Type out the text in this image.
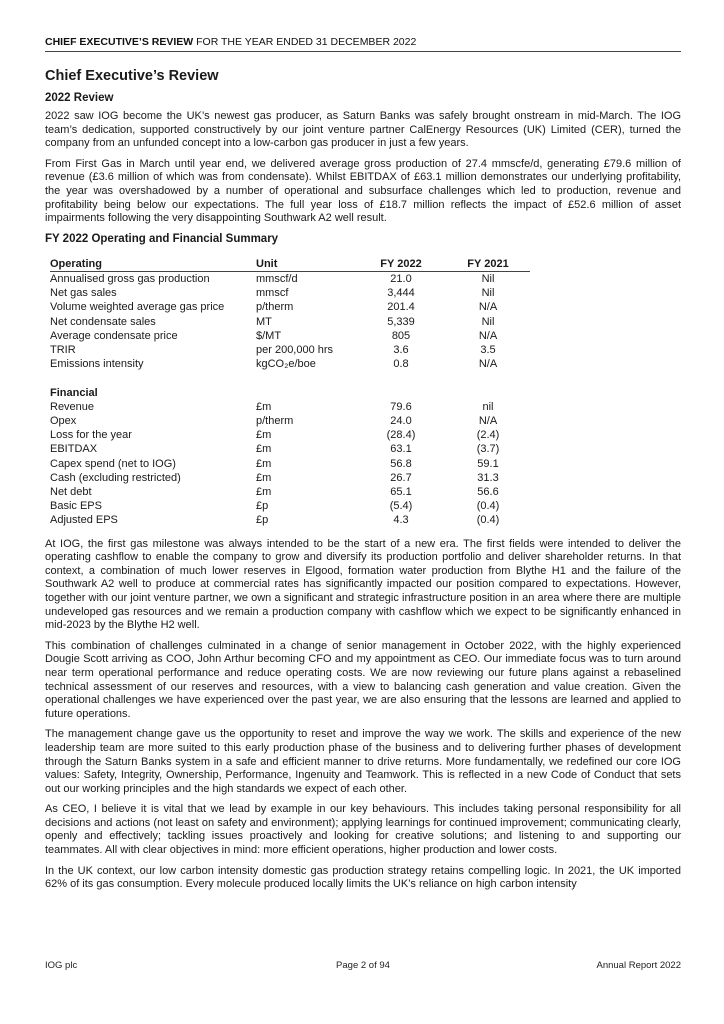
CHIEF EXECUTIVE’S REVIEW FOR THE YEAR ENDED 31 DECEMBER 2022
Chief Executive’s Review
2022 Review

2022 saw IOG become the UK’s newest gas producer, as Saturn Banks was safely brought onstream in mid-March. The IOG team’s dedication, supported constructively by our joint venture partner CalEnergy Resources (UK) Limited (CER), turned the company from an unfunded concept into a low-carbon gas producer in just a few years.

From First Gas in March until year end, we delivered average gross production of 27.4 mmscfe/d, generating £79.6 million of revenue (£3.6 million of which was from condensate). Whilst EBITDAX of £63.1 million demonstrates our underlying profitability, the year was overshadowed by a number of operational and subsurface challenges which led to production, revenue and profitability being below our expectations. The full year loss of £18.7 million reflects the impact of £52.6 million of asset impairments following the very disappointing Southwark A2 well result.

FY 2022 Operating and Financial Summary
Operating	Unit	FY 2022	FY 2021
Annualised gross gas production	mmscf/d	21.0	Nil
Net gas sales	mmscf	3,444	Nil
Volume weighted average gas price	p/therm	201.4	N/A
Net condensate sales	MT	5,339	Nil
Average condensate price	$/MT	805	N/A
TRIR	per 200,000 hrs	3.6	3.5
Emissions intensity	kgCO₂e/boe	0.8	N/A

Financial			
Revenue	£m	79.6	nil
Opex	p/therm	24.0	N/A
Loss for the year	£m	(28.4)	(2.4)
EBITDAX	£m	63.1	(3.7)
Capex spend (net to IOG)	£m	56.8	59.1
Cash (excluding restricted)	£m	26.7	31.3
Net debt	£m	65.1	56.6
Basic EPS	£p	(5.4)	(0.4)
Adjusted EPS	£p	4.3	(0.4)

At IOG, the first gas milestone was always intended to be the start of a new era. The first fields were intended to deliver the operating cashflow to enable the company to grow and diversify its production portfolio and deliver shareholder returns. In that context, a combination of much lower reserves in Elgood, formation water production from Blythe H1 and the failure of the Southwark A2 well to produce at commercial rates has significantly impacted our position compared to expectations. However, together with our joint venture partner, we own a significant and strategic infrastructure position in an area where there are multiple undeveloped gas resources and we remain a production company with cashflow which we expect to be significantly enhanced in mid-2023 by the Blythe H2 well.

This combination of challenges culminated in a change of senior management in October 2022, with the highly experienced Dougie Scott arriving as COO, John Arthur becoming CFO and my appointment as CEO. Our immediate focus was to turn around near term operational performance and reduce operating costs. We are now reviewing our future plans against a rebaselined technical assessment of our reserves and resources, with a view to balancing cash generation and value creation. Given the operational challenges we have experienced over the past year, we are also ensuring that the lessons are learned and applied to future operations.

The management change gave us the opportunity to reset and improve the way we work. The skills and experience of the new leadership team are more suited to this early production phase of the business and to delivering further phases of development through the Saturn Banks system in a safe and efficient manner to drive returns. More fundamentally, we redefined our core IOG values: Safety, Integrity, Ownership, Performance, Ingenuity and Teamwork. This is reflected in a new Code of Conduct that sets out our working principles and the high standards we expect of each other.

As CEO, I believe it is vital that we lead by example in our key behaviours. This includes taking personal responsibility for all decisions and actions (not least on safety and environment); applying learnings for continued improvement; communicating clearly, openly and effectively; tackling issues proactively and looking for creative solutions; and listening to and supporting our teammates. All with clear objectives in mind: more efficient operations, higher production and lower costs.

In the UK context, our low carbon intensity domestic gas production strategy retains compelling logic. In 2021, the UK imported 62% of its gas consumption. Every molecule produced locally limits the UK’s reliance on high carbon intensity

IOG plc	Page 2 of 94	Annual Report 2022
